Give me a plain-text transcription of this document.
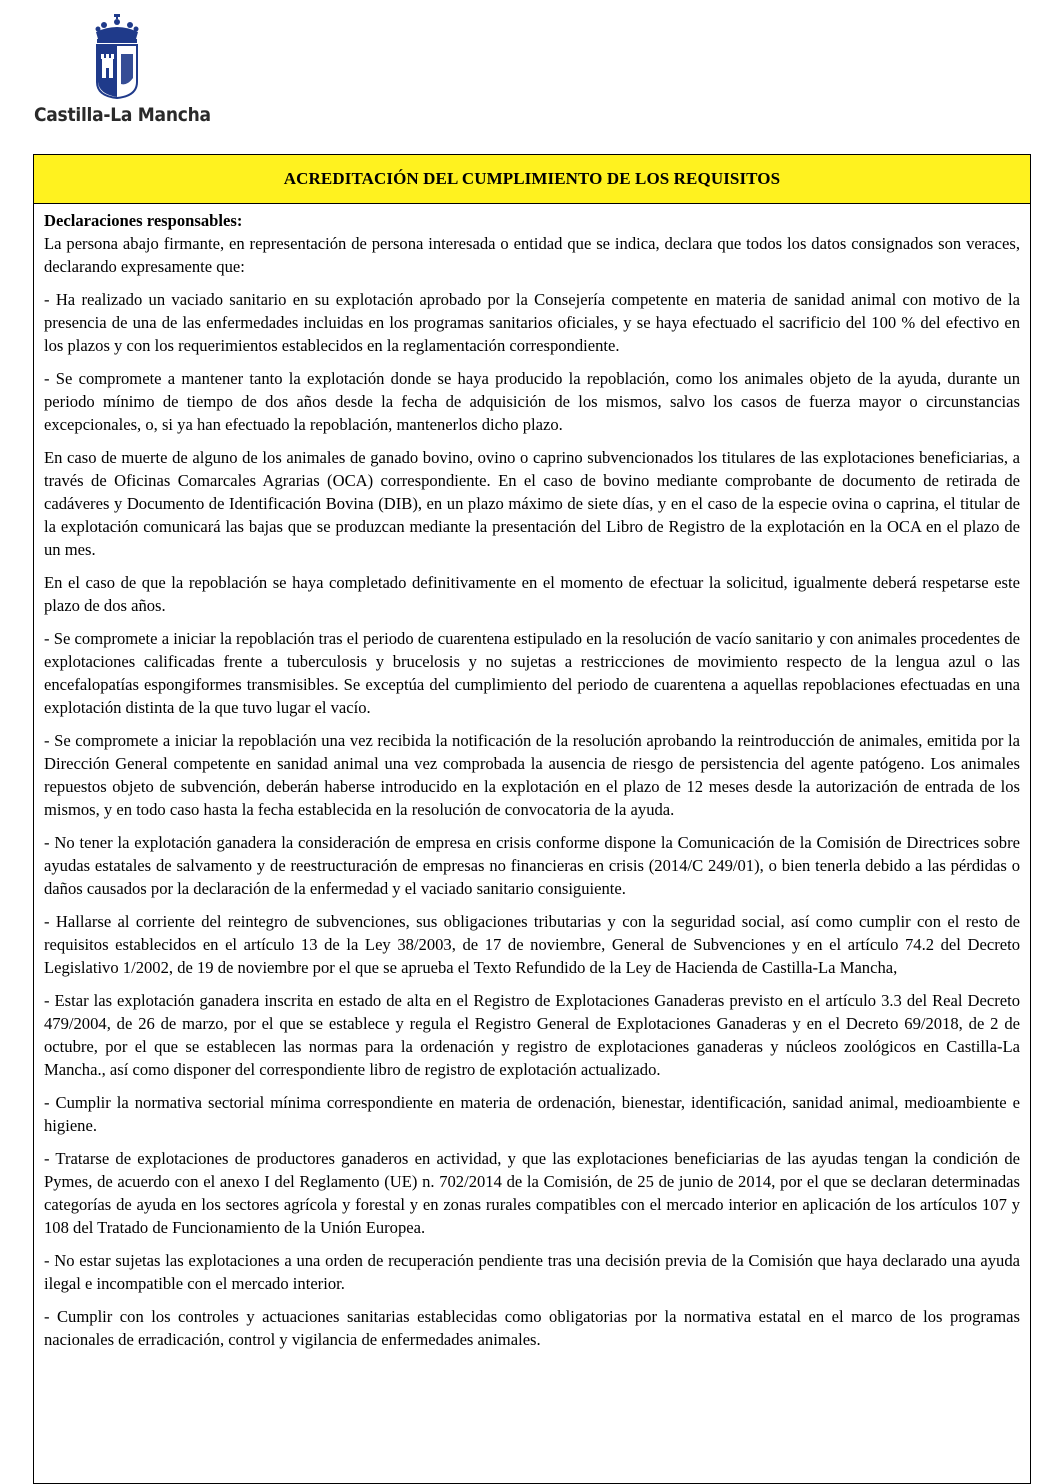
Castilla-La Mancha
ACREDITACIÓN DEL CUMPLIMIENTO DE LOS REQUISITOS

Declaraciones responsables:
La persona abajo firmante, en representación de persona interesada o entidad que se indica, declara que todos los datos consignados son veraces, declarando expresamente que:

- Ha realizado un vaciado sanitario en su explotación aprobado por la Consejería competente en materia de sanidad animal con motivo de la presencia de una de las enfermedades incluidas en los programas sanitarios oficiales, y se haya efectuado el sacrificio del 100 % del efectivo en los plazos y con los requerimientos establecidos en la reglamentación correspondiente.

- Se compromete a mantener tanto la explotación donde se haya producido la repoblación, como los animales objeto de la ayuda, durante un periodo mínimo de tiempo de dos años desde la fecha de adquisición de los mismos, salvo los casos de fuerza mayor o circunstancias excepcionales, o, si ya han efectuado la repoblación, mantenerlos dicho plazo.

En caso de muerte de alguno de los animales de ganado bovino, ovino o caprino subvencionados los titulares de las explotaciones beneficiarias, a través de Oficinas Comarcales Agrarias (OCA) correspondiente. En el caso de bovino mediante comprobante de documento de retirada de cadáveres y Documento de Identificación Bovina (DIB), en un plazo máximo de siete días, y en el caso de la especie ovina o caprina, el titular de la explotación comunicará las bajas que se produzcan mediante la presentación del Libro de Registro de la explotación en la OCA en el plazo de un mes.

En el caso de que la repoblación se haya completado definitivamente en el momento de efectuar la solicitud, igualmente deberá respetarse este plazo de dos años.

- Se compromete a iniciar la repoblación tras el periodo de cuarentena estipulado en la resolución de vacío sanitario y con animales procedentes de explotaciones calificadas frente a tuberculosis y brucelosis y no sujetas a restricciones de movimiento respecto de la lengua azul o las encefalopatías espongiformes transmisibles. Se exceptúa del cumplimiento del periodo de cuarentena a aquellas repoblaciones efectuadas en una explotación distinta de la que tuvo lugar el vacío.

- Se compromete a iniciar la repoblación una vez recibida la notificación de la resolución aprobando la reintroducción de animales, emitida por la Dirección General competente en sanidad animal una vez comprobada la ausencia de riesgo de persistencia del agente patógeno. Los animales repuestos objeto de subvención, deberán haberse introducido en la explotación en el plazo de 12 meses desde la autorización de entrada de los mismos, y en todo caso hasta la fecha establecida en la resolución de convocatoria de la ayuda.

- No tener la explotación ganadera la consideración de empresa en crisis conforme dispone la Comunicación de la Comisión de Directrices sobre ayudas estatales de salvamento y de reestructuración de empresas no financieras en crisis (2014/C 249/01), o bien tenerla debido a las pérdidas o daños causados por la declaración de la enfermedad y el vaciado sanitario consiguiente.

- Hallarse al corriente del reintegro de subvenciones, sus obligaciones tributarias y con la seguridad social, así como cumplir con el resto de requisitos establecidos en el artículo 13 de la Ley 38/2003, de 17 de noviembre, General de Subvenciones y en el artículo 74.2 del Decreto Legislativo 1/2002, de 19 de noviembre por el que se aprueba el Texto Refundido de la Ley de Hacienda de Castilla-La Mancha,

- Estar las explotación ganadera inscrita en estado de alta en el Registro de Explotaciones Ganaderas previsto en el artículo 3.3 del Real Decreto 479/2004, de 26 de marzo, por el que se establece y regula el Registro General de Explotaciones Ganaderas y en el Decreto 69/2018, de 2 de octubre, por el que se establecen las normas para la ordenación y registro de explotaciones ganaderas y núcleos zoológicos en Castilla-La Mancha., así como disponer del correspondiente libro de registro de explotación actualizado.

- Cumplir la normativa sectorial mínima correspondiente en materia de ordenación, bienestar, identificación, sanidad animal, medioambiente e higiene.

- Tratarse de explotaciones de productores ganaderos en actividad, y que las explotaciones beneficiarias de las ayudas tengan la condición de Pymes, de acuerdo con el anexo I del Reglamento (UE) n. 702/2014 de la Comisión, de 25 de junio de 2014, por el que se declaran determinadas categorías de ayuda en los sectores agrícola y forestal y en zonas rurales compatibles con el mercado interior en aplicación de los artículos 107 y 108 del Tratado de Funcionamiento de la Unión Europea.

- No estar sujetas las explotaciones a una orden de recuperación pendiente tras una decisión previa de la Comisión que haya declarado una ayuda ilegal e incompatible con el mercado interior.

- Cumplir con los controles y actuaciones sanitarias establecidas como obligatorias por la normativa estatal en el marco de los programas nacionales de erradicación, control y vigilancia de enfermedades animales.
